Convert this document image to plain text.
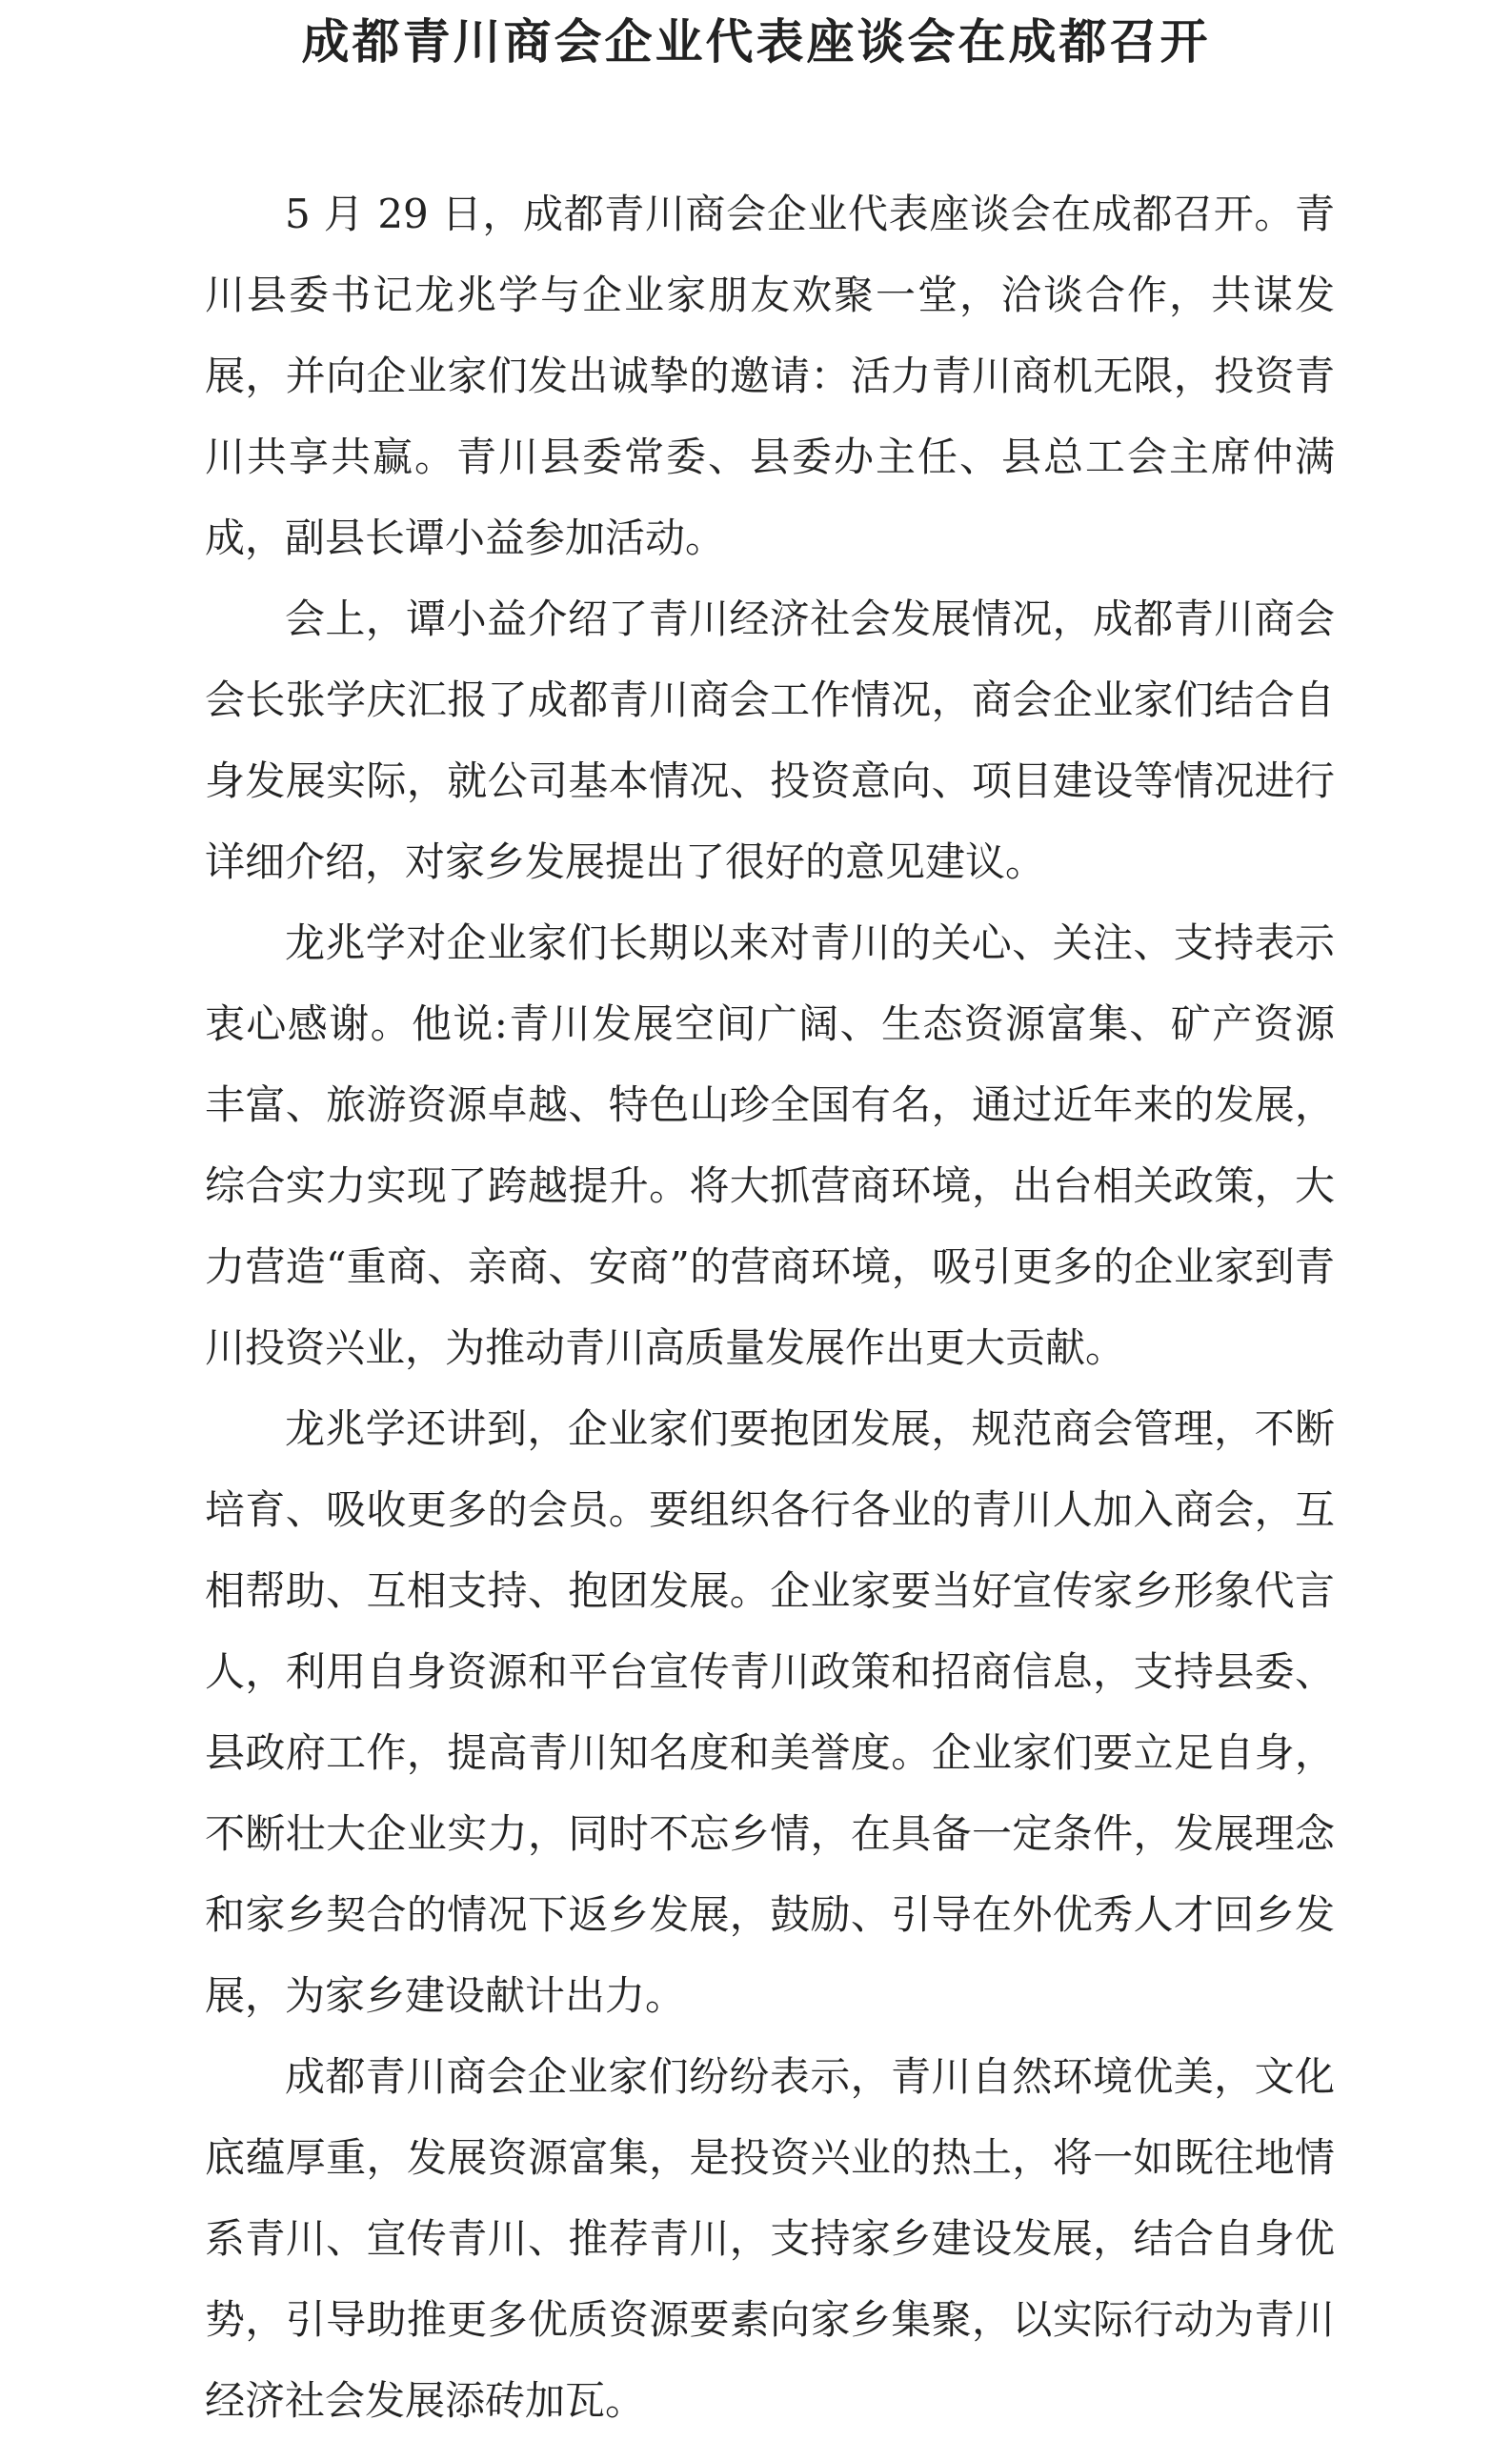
成都青川商会企业代表座谈会在成都召开

5 月 29 日，成都青川商会企业代表座谈会在成都召开。青川县委书记龙兆学与企业家朋友欢聚一堂，洽谈合作，共谋发展，并向企业家们发出诚挚的邀请：活力青川商机无限，投资青川共享共赢。青川县委常委、县委办主任、县总工会主席仲满成，副县长谭小益参加活动。

会上，谭小益介绍了青川经济社会发展情况，成都青川商会会长张学庆汇报了成都青川商会工作情况，商会企业家们结合自身发展实际，就公司基本情况、投资意向、项目建设等情况进行详细介绍，对家乡发展提出了很好的意见建议。

龙兆学对企业家们长期以来对青川的关心、关注、支持表示衷心感谢。他说:青川发展空间广阔、生态资源富集、矿产资源丰富、旅游资源卓越、特色山珍全国有名，通过近年来的发展，综合实力实现了跨越提升。将大抓营商环境，出台相关政策，大力营造“重商、亲商、安商”的营商环境，吸引更多的企业家到青川投资兴业，为推动青川高质量发展作出更大贡献。

龙兆学还讲到，企业家们要抱团发展，规范商会管理，不断培育、吸收更多的会员。要组织各行各业的青川人加入商会，互相帮助、互相支持、抱团发展。企业家要当好宣传家乡形象代言人，利用自身资源和平台宣传青川政策和招商信息，支持县委、县政府工作，提高青川知名度和美誉度。企业家们要立足自身，不断壮大企业实力，同时不忘乡情，在具备一定条件，发展理念和家乡契合的情况下返乡发展，鼓励、引导在外优秀人才回乡发展，为家乡建设献计出力。

成都青川商会企业家们纷纷表示，青川自然环境优美，文化底蕴厚重，发展资源富集，是投资兴业的热土，将一如既往地情系青川、宣传青川、推荐青川，支持家乡建设发展，结合自身优势，引导助推更多优质资源要素向家乡集聚，以实际行动为青川经济社会发展添砖加瓦。
